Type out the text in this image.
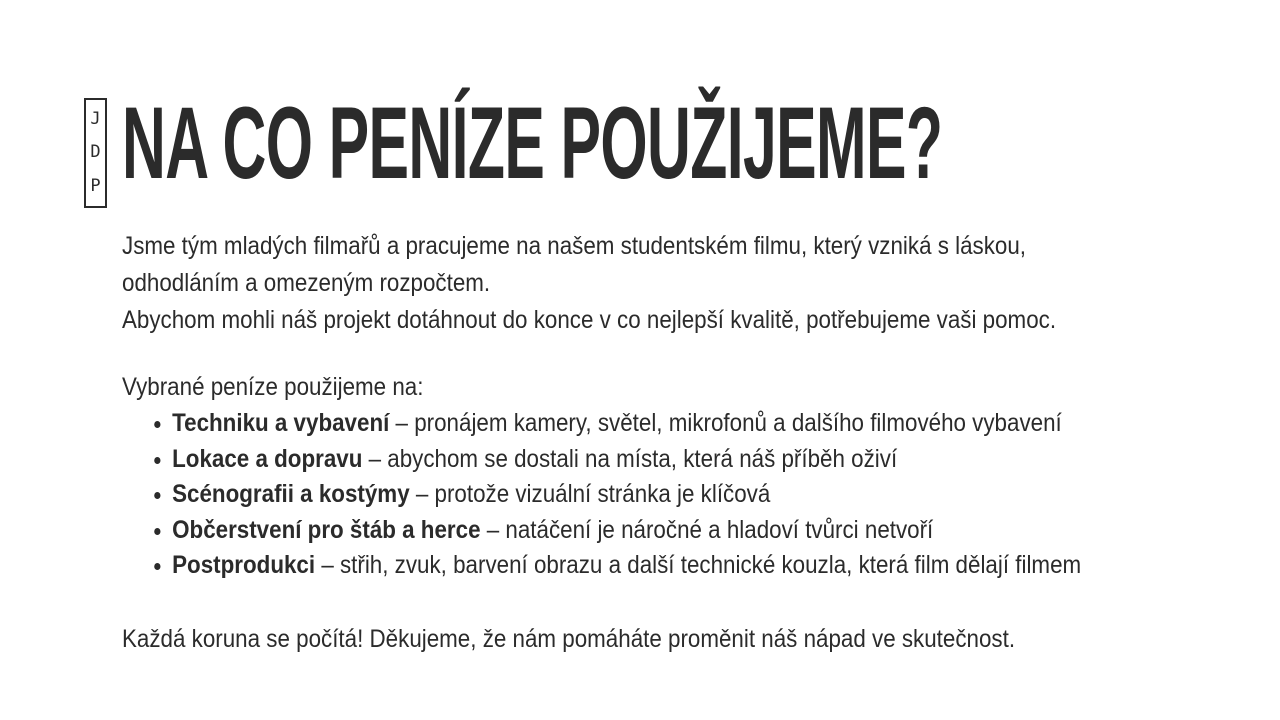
J
D
P NA CO PENÍZE POUŽIJEME?

Jsme tým mladých filmařů a pracujeme na našem studentském filmu, který vzniká s láskou,

odhodláním a omezeným rozpočtem.

Abychom mohli náš projekt dotáhnout do konce v co nejlepší kvalitě, potřebujeme vaši pomoc.

Vybrané peníze použijeme na:

Techniku a vybavení – pronájem kamery, světel, mikrofonů a dalšího filmového vybavení
Lokace a dopravu – abychom se dostali na místa, která náš příběh oživí
Scénografii a kostýmy – protože vizuální stránka je klíčová
Občerstvení pro štáb a herce – natáčení je náročné a hladoví tvůrci netvoří
Postprodukci – střih, zvuk, barvení obrazu a další technické kouzla, která film dělají filmem

Každá koruna se počítá! Děkujeme, že nám pomáháte proměnit náš nápad ve skutečnost.
